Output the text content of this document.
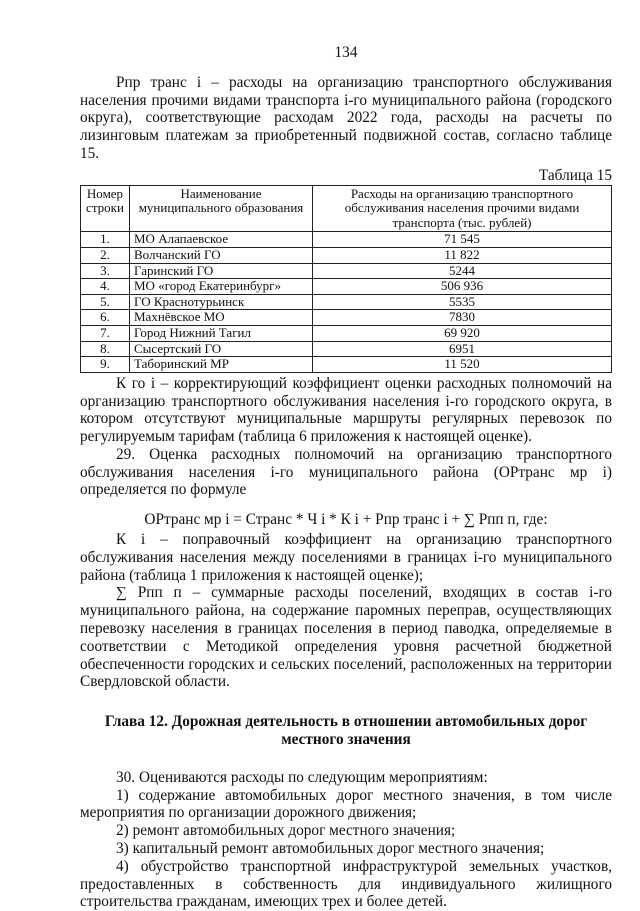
134

Рпр транс i – расходы на организацию транспортного обслуживания населения прочими видами транспорта i-го муниципального района (городского округа), соответствующие расходам 2022 года, расходы на расчеты по лизинговым платежам за приобретенный подвижной состав, согласно таблице 15.

Таблица 15
Номер строки	Наименование муниципального образования	Расходы на организацию транспортного обслуживания населения прочими видами транспорта (тыс. рублей)
1.	МО Алапаевское	71 545
2.	Волчанский ГО	11 822
3.	Гаринский ГО	5244
4.	МО «город Екатеринбург»	506 936
5.	ГО Краснотурьинск	5535
6.	Махнёвское МО	7830
7.	Город Нижний Тагил	69 920
8.	Сысертский ГО	6951
9.	Таборинский МР	11 520

К го i – корректирующий коэффициент оценки расходных полномочий на организацию транспортного обслуживания населения i-го городского округа, в котором отсутствуют муниципальные маршруты регулярных перевозок по регулируемым тарифам (таблица 6 приложения к настоящей оценке).

29. Оценка расходных полномочий на организацию транспортного обслуживания населения i-го муниципального района (ОРтранс мр i) определяется по формуле

ОРтранс мр i = Странс * Ч i * К i + Рпр транс i + ∑ Рпп п, где:

К i – поправочный коэффициент на организацию транспортного обслуживания населения между поселениями в границах i-го муниципального района (таблица 1 приложения к настоящей оценке);

∑ Рпп п – суммарные расходы поселений, входящих в состав i-го муниципального района, на содержание паромных переправ, осуществляющих перевозку населения в границах поселения в период паводка, определяемые в соответствии с Методикой определения уровня расчетной бюджетной обеспеченности городских и сельских поселений, расположенных на территории Свердловской области.

Глава 12. Дорожная деятельность в отношении автомобильных дорог местного значения

30. Оцениваются расходы по следующим мероприятиям:

1) содержание автомобильных дорог местного значения, в том числе мероприятия по организации дорожного движения;

2) ремонт автомобильных дорог местного значения;

3) капитальный ремонт автомобильных дорог местного значения;

4) обустройство транспортной инфраструктурой земельных участков, предоставленных в собственность для индивидуального жилищного строительства гражданам, имеющих трех и более детей.
